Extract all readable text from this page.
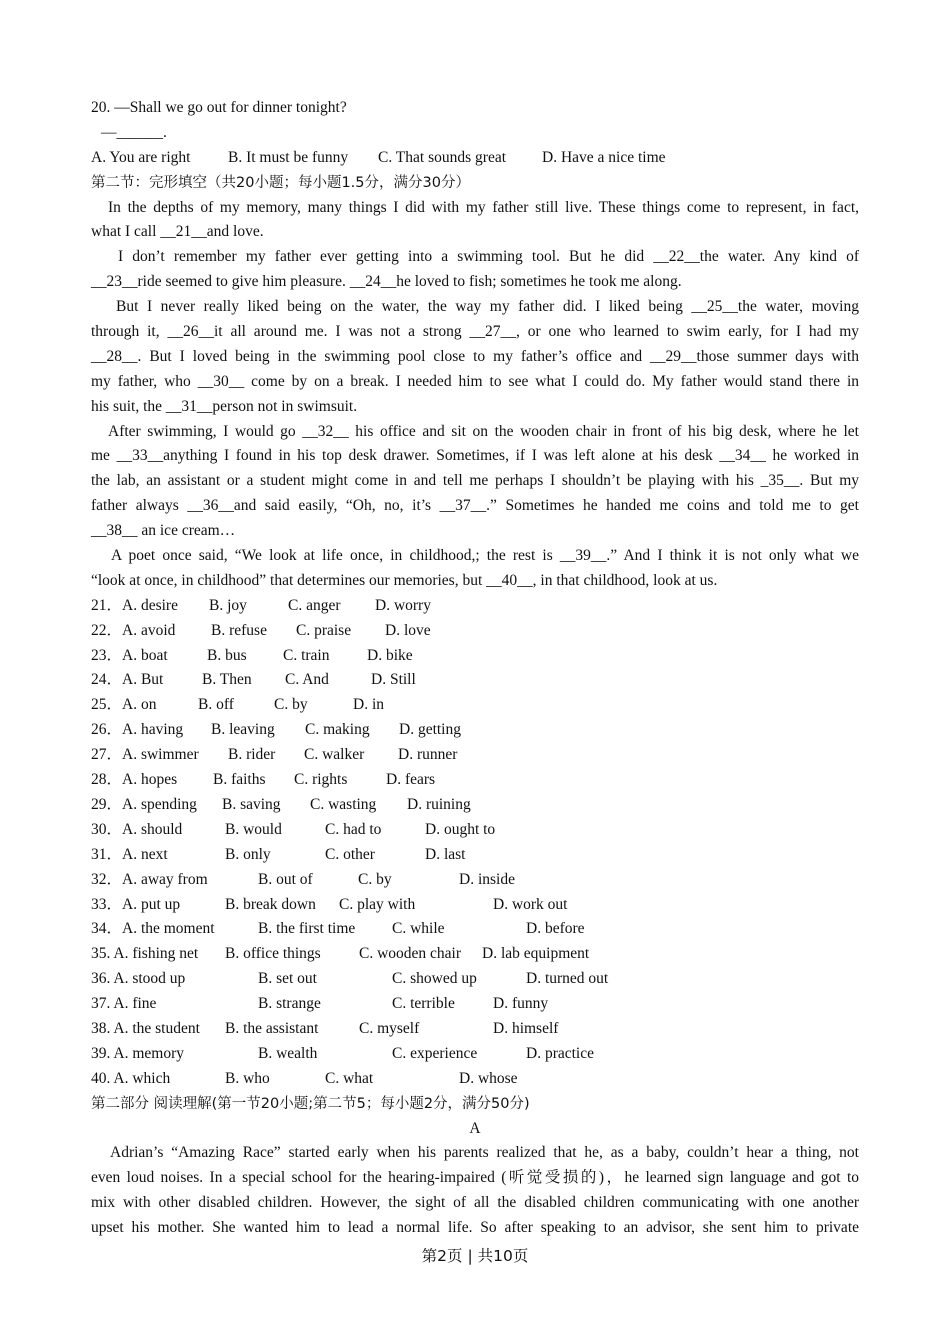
20. —Shall we go out for dinner tonight?
—______.
A. You are right B. It must be funny C. That sounds great D. Have a nice time
第二节：完形填空（共20小题；每小题1.5分，满分30分）
In the depths of my memory, many things I did with my father still live. These things come to represent, in fact,
what I call __21__and love.
I don’t remember my father ever getting into a swimming tool. But he did __22__the water. Any kind of
__23__ride seemed to give him pleasure. __24__he loved to fish; sometimes he took me along.
But I never really liked being on the water, the way my father did. I liked being __25__the water, moving
through it, __26__it all around me. I was not a strong __27__, or one who learned to swim early, for I had my
__28__. But I loved being in the swimming pool close to my father’s office and __29__those summer days with
my father, who __30__ come by on a break. I needed him to see what I could do. My father would stand there in
his suit, the __31__person not in swimsuit.
After swimming, I would go __32__ his office and sit on the wooden chair in front of his big desk, where he let
me __33__anything I found in his top desk drawer. Sometimes, if I was left alone at his desk __34__ he worked in
the lab, an assistant or a student might come in and tell me perhaps I shouldn’t be playing with his _35__. But my
father always __36__and said easily, “Oh, no, it’s __37__.” Sometimes he handed me coins and told me to get
__38__ an ice cream…
A poet once said, “We look at life once, in childhood,; the rest is __39__.” And I think it is not only what we
“look at once, in childhood” that determines our memories, but __40__, in that childhood, look at us.
21．A. desire B. joy	C. anger D. worry
22．A. avoid B. refuse C. praise D. love
23．A. boat	B. bus C. train D. bike
24．A. But B. Then C. And	D. Still
25．A. on	B. off	C. by	D. in
26．A. having B. leaving C. making D. getting
27．A. swimmer B. rider C. walker D. runner
28．A. hopes B. faiths C. rights D. fears
29．A. spending B. saving C. wasting D. ruining
30．A. should	B. would	C. had to	D. ought to
31．A. next	B. only	C. other	D. last
32．A. away from	B. out of	C. by	D. inside
33．A. put up	B. break down C. play with	D. work out
34．A. the moment	B. the first time C. while	D. before
35. A. fishing net B. office things C. wooden chair D. lab equipment
36. A. stood up	B. set out	C. showed up	D. turned out
37. A. fine	B. strange	C. terrible D. funny
38. A. the student B. the assistant	C. myself	D. himself
39. A. memory	B. wealth	C. experience	D. practice
40. A. which	B. who	C. what	D. whose
第二部分 阅读理解(第一节20小题;第二节5；每小题2分，满分50分)
A
Adrian’s “Amazing Race” started early when his parents realized that he, as a baby, couldn’t hear a thing, not
even loud noises. In a special school for the hearing-impaired (听觉受损的)，he learned sign language and got to
mix with other disabled children. However, the sight of all the disabled children communicating with one another
upset his mother. She wanted him to lead a normal life. So after speaking to an advisor, she sent him to private
第2页 | 共10页
